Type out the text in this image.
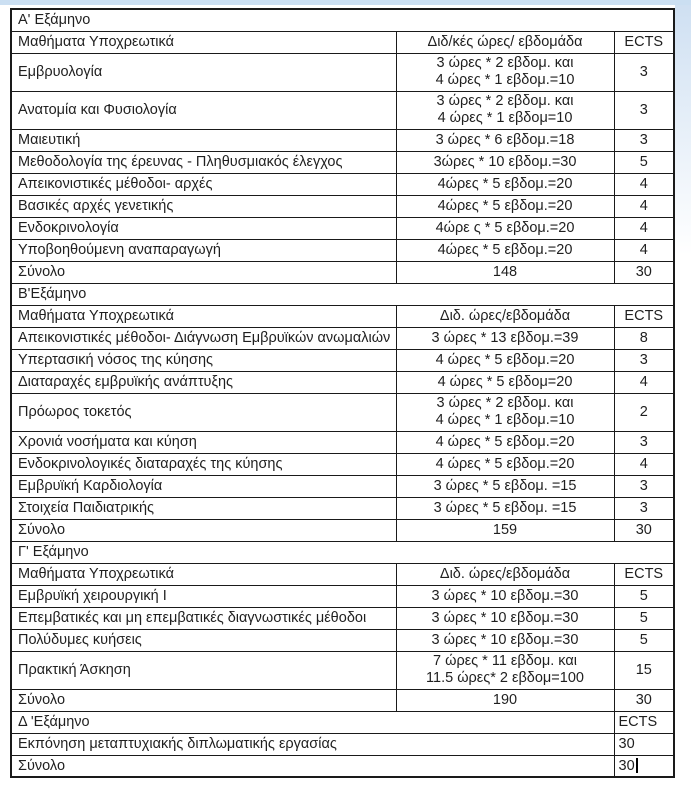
Α' Εξάμηνο		
Μαθήματα Υποχρεωτικά	Διδ/κές ώρες/ εβδομάδα	ECTS
Εμβρυολογία	3 ώρες * 2 εβδομ. και
4 ώρες * 1 εβδομ.=10	3
Ανατομία και Φυσιολογία	3 ώρες * 2 εβδομ. και
4 ώρες * 1 εβδομ=10	3
Μαιευτική	3 ώρες * 6 εβδομ.=18	3
Μεθοδολογία της έρευνας - Πληθυσμιακός έλεγχος	3ώρες * 10 εβδομ.=30	5
Απεικονιστικές μέθοδοι- αρχές	4ώρες * 5 εβδομ.=20	4
Βασικές αρχές γενετικής	4ώρες * 5 εβδομ.=20	4
Ενδοκρινολογία	4ώρε ς * 5 εβδομ.=20	4
Υποβοηθούμενη αναπαραγωγή	4ώρες * 5 εβδομ.=20	4
Σύνολο	148	30
Β'Εξάμηνο		
Μαθήματα Υποχρεωτικά	Διδ. ώρες/εβδομάδα	ECTS
Απεικονιστικές μέθοδοι- Διάγνωση Εμβρυϊκών ανωμαλιών	3 ώρες * 13 εβδομ.=39	8
Υπερτασική νόσος της κύησης	4 ώρες * 5 εβδομ.=20	3
Διαταραχές εμβρυϊκής ανάπτυξης	4 ώρες * 5 εβδομ=20	4
Πρόωρος τοκετός	3 ώρες * 2 εβδομ. και
4 ώρες * 1 εβδομ.=10	2
Χρονιά νοσήματα και κύηση	4 ώρες * 5 εβδομ.=20	3
Ενδοκρινολογικές διαταραχές της κύησης	4 ώρες * 5 εβδομ.=20	4
Εμβρυϊκή Καρδιολογία	3 ώρες * 5 εβδομ. =15	3
Στοιχεία Παιδιατρικής	3 ώρες * 5 εβδομ. =15	3
Σύνολο	159	30
Γ' Εξάμηνο		
Μαθήματα Υποχρεωτικά	Διδ. ώρες/εβδομάδα	ECTS
Εμβρυϊκή χειρουργική Ι	3 ώρες * 10 εβδομ.=30	5
Επεμβατικές και μη επεμβατικές διαγνωστικές μέθοδοι	3 ώρες * 10 εβδομ.=30	5
Πολύδυμες κυήσεις	3 ώρες * 10 εβδομ.=30	5
Πρακτική Άσκηση	7 ώρες * 11 εβδομ. και
11.5 ώρες* 2 εβδομ=100	15
Σύνολο	190	30
Δ 'Εξάμηνο		ECTS
Εκπόνηση μεταπτυχιακής διπλωματικής εργασίας		30
Σύνολο		30
